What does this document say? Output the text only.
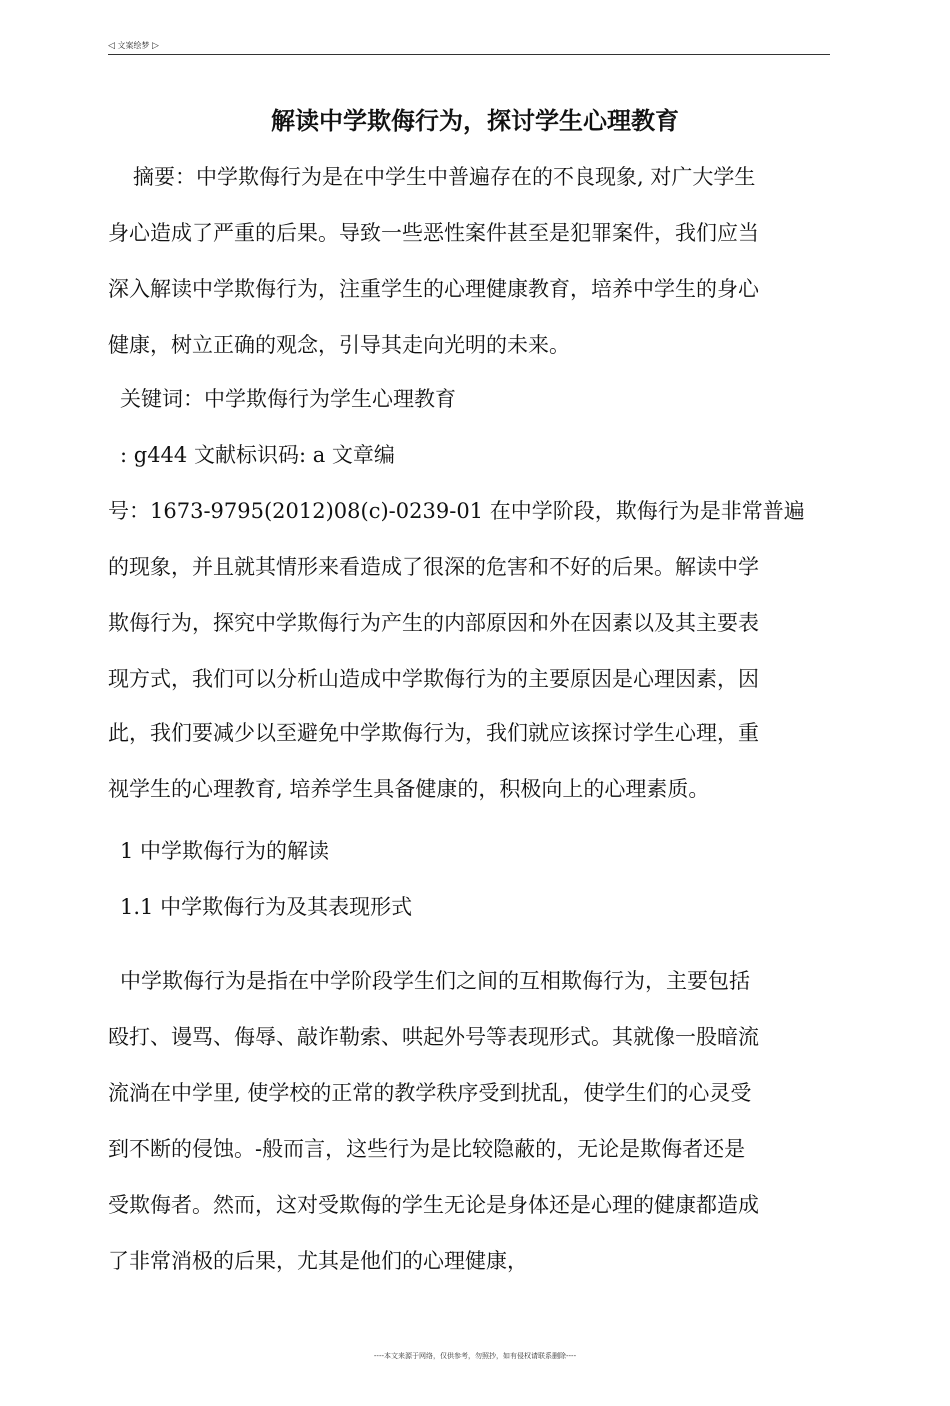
◁ 文案绘梦 ▷
解读中学欺侮行为，探讨学生心理教育
摘要：中学欺侮行为是在中学生中普遍存在的不良现象, 对广大学生
身心造成了严重的后果。导致一些恶性案件甚至是犯罪案件，我们应当
深入解读中学欺侮行为，注重学生的心理健康教育，培养中学生的身心
健康，树立正确的观念，引导其走向光明的未来。
关键词：中学欺侮行为学生心理教育
: g444 文献标识码: a 文章编
号：1673-9795(2012)08(c)-0239-01 在中学阶段，欺侮行为是非常普遍
的现象，并且就其情形来看造成了很深的危害和不好的后果。解读中学
欺侮行为，探究中学欺侮行为产生的内部原因和外在因素以及其主要表
现方式，我们可以分析山造成中学欺侮行为的主要原因是心理因素，因
此，我们要减少以至避免中学欺侮行为，我们就应该探讨学生心理，重
视学生的心理教育, 培养学生具备健康的，积极向上的心理素质。
1 中学欺侮行为的解读
1.1 中学欺侮行为及其表现形式
中学欺侮行为是指在中学阶段学生们之间的互相欺侮行为，主要包括
殴打、谩骂、侮辱、敲诈勒索、哄起外号等表现形式。其就像一股暗流
流淌在中学里, 使学校的正常的教学秩序受到扰乱，使学生们的心灵受
到不断的侵蚀。-般而言，这些行为是比较隐蔽的，无论是欺侮者还是
受欺侮者。然而，这对受欺侮的学生无论是身体还是心理的健康都造成
了非常消极的后果，尤其是他们的心理健康，
----本文来源于网络，仅供参考，勿照抄，如有侵权请联系删除----
